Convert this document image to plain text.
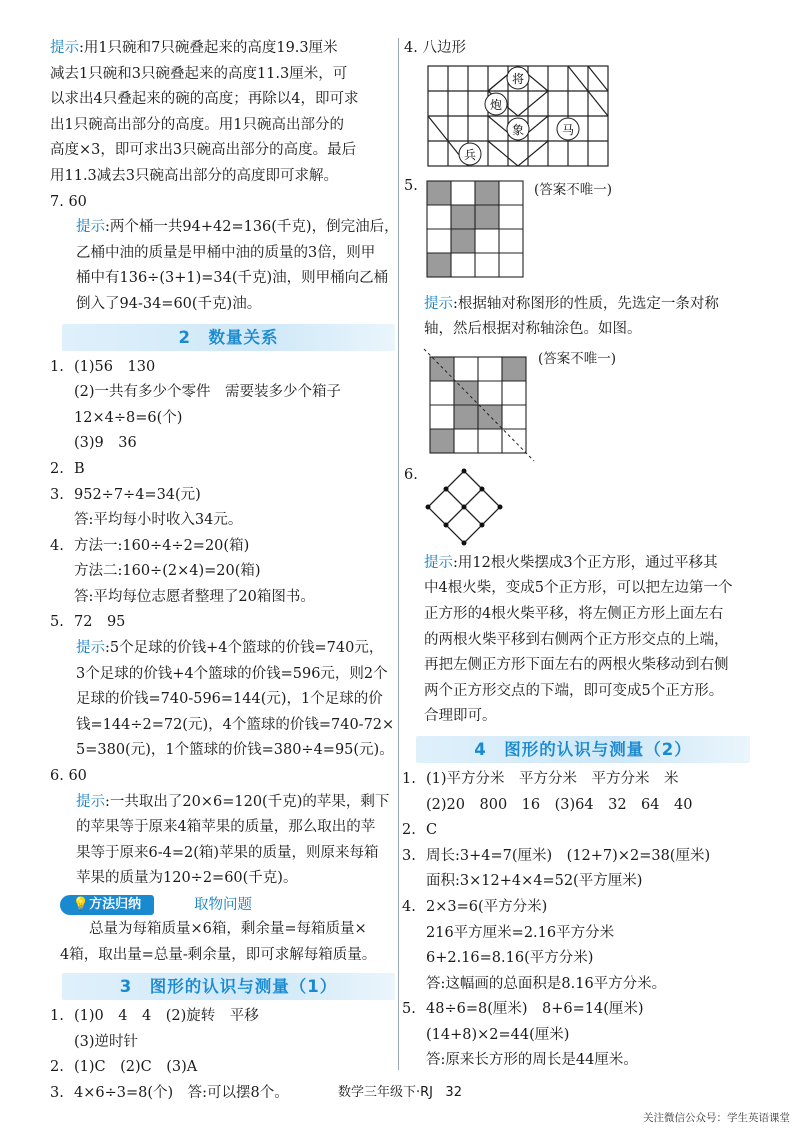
提示:用1只碗和7只碗叠起来的高度19.3厘米
减去1只碗和3只碗叠起来的高度11.3厘米，可
以求出4只叠起来的碗的高度；再除以4，即可求
出1只碗高出部分的高度。用1只碗高出部分的
高度×3，即可求出3只碗高出部分的高度。最后
用11.3减去3只碗高出部分的高度即可求解。
7. 60
提示:两个桶一共94+42=136(千克)，倒完油后，
乙桶中油的质量是甲桶中油的质量的3倍，则甲
桶中有136÷(3+1)=34(千克)油，则甲桶向乙桶
倒入了94-34=60(千克)油。
2　数量关系
1. (1)56　130
(2)一共有多少个零件　需要装多少个箱子
12×4÷8=6(个)
(3)9　36
2. B
3. 952÷7÷4=34(元)
答:平均每小时收入34元。
4. 方法一:160÷4÷2=20(箱)
方法二:160÷(2×4)=20(箱)
答:平均每位志愿者整理了20箱图书。
5. 72　95
提示:5个足球的价钱+4个篮球的价钱=740元，
3个足球的价钱+4个篮球的价钱=596元，则2个
足球的价钱=740-596=144(元)，1个足球的价
钱=144÷2=72(元)，4个篮球的价钱=740-72×
5=380(元)，1个篮球的价钱=380÷4=95(元)。
6. 60
提示:一共取出了20×6=120(千克)的苹果，剩下
的苹果等于原来4箱苹果的质量，那么取出的苹
果等于原来6-4=2(箱)苹果的质量，则原来每箱
苹果的质量为120÷2=60(千克)。
💡方法归纳	取物问题
　　总量为每箱质量×6箱，剩余量=每箱质量×
4箱，取出量=总量-剩余量，即可求解每箱质量。
3　图形的认识与测量（1）
1. (1)0　4　4　(2)旋转　平移
(3)逆时针
2. (1)C　(2)C　(3)A
3. 4×6÷3=8(个)　答:可以摆8个。
4. 八边形
将
炮
象	马
兵
5.	(答案不唯一)
提示:根据轴对称图形的性质，先选定一条对称
轴，然后根据对称轴涂色。如图。
(答案不唯一)
6.
提示:用12根火柴摆成3个正方形，通过平移其
中4根火柴，变成5个正方形，可以把左边第一个
正方形的4根火柴平移，将左侧正方形上面左右
的两根火柴平移到右侧两个正方形交点的上端，
再把左侧正方形下面左右的两根火柴移动到右侧
两个正方形交点的下端，即可变成5个正方形。
合理即可。
4　图形的认识与测量（2）
1. (1)平方分米　平方分米　平方分米　米
(2)20　800　16　(3)64　32　64　40
2. C
3. 周长:3+4=7(厘米)　(12+7)×2=38(厘米)
面积:3×12+4×4=52(平方厘米)
4. 2×3=6(平方分米)
216平方厘米=2.16平方分米
6+2.16=8.16(平方分米)
答:这幅画的总面积是8.16平方分米。
5. 48÷6=8(厘米)　8+6=14(厘米)
(14+8)×2=44(厘米)
答:原来长方形的周长是44厘米。
数学三年级下·RJ 32
关注微信公众号：学生英语课堂
